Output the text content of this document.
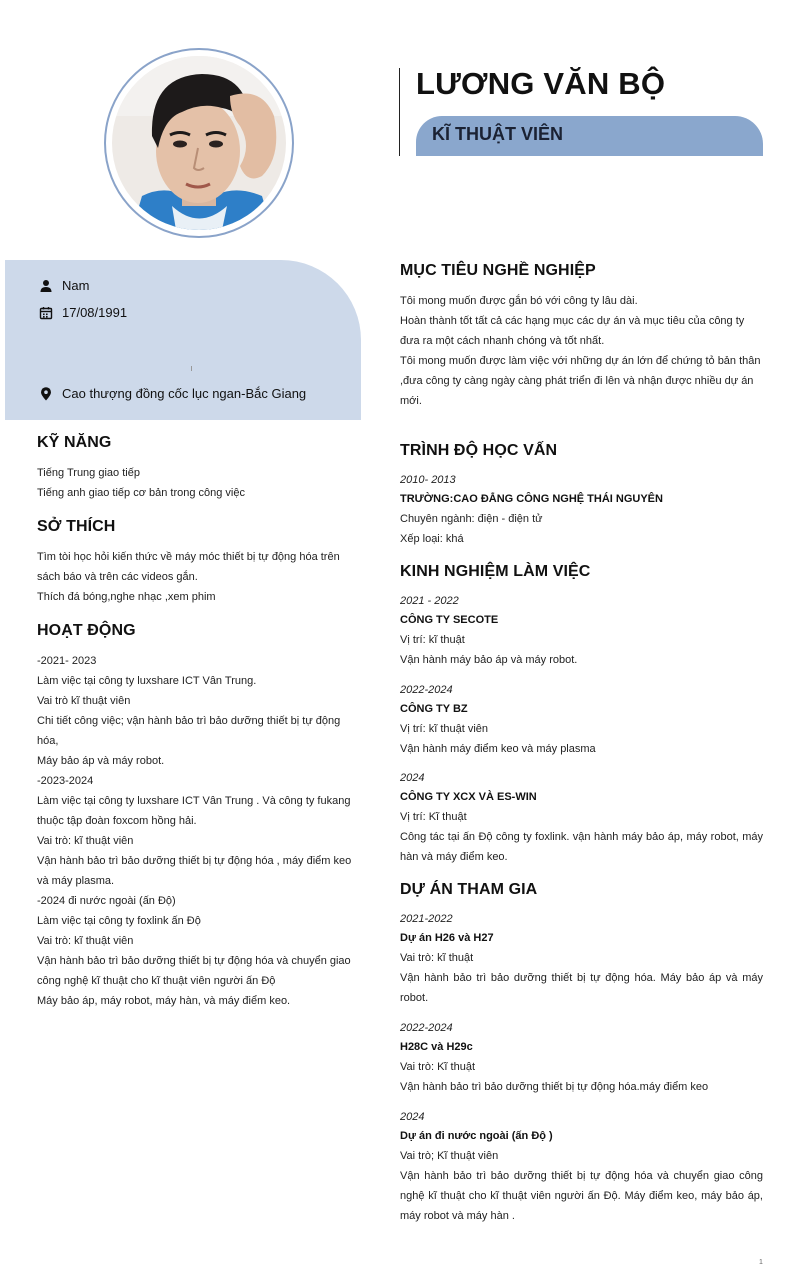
LƯƠNG VĂN BỘ
KĨ THUẬT VIÊN
Nam
17/08/1991
Cao thượng đồng cốc lục ngan-Bắc Giang
KỸ NĂNG

Tiếng Trung giao tiếp

Tiếng anh giao tiếp cơ bản trong công việc

SỞ THÍCH

Tìm tòi học hỏi kiến thức về máy móc thiết bị tự động hóa trên sách báo và trên các videos gắn.

Thích đá bóng,nghe nhạc ,xem phim

HOẠT ĐỘNG

-2021- 2023

Làm việc tại công ty luxshare ICT Vân Trung.

Vai trò kĩ thuật viên

Chi tiết công việc; vận hành bảo trì bảo dưỡng thiết bị tự động hóa,

Máy bảo áp và máy robot.

-2023-2024

Làm việc tại công ty luxshare ICT Vân Trung . Và công ty fukang thuộc tập đoàn foxcom hồng hải.

Vai trò: kĩ thuật viên

Vận hành bảo trì bảo dưỡng thiết bị tự động hóa , máy điểm keo và máy plasma.

-2024 đi nước ngoài (ấn Độ)

Làm việc tại công ty foxlink ấn Độ

Vai trò: kĩ thuật viên

Vận hành bảo trì bảo dưỡng thiết bị tự động hóa và chuyển giao công nghệ kĩ thuật cho kĩ thuật viên người ấn Độ

Máy bảo áp, máy robot, máy hàn, và máy điểm keo.

MỤC TIÊU NGHỀ NGHIỆP

Tôi mong muốn được gắn bó với công ty lâu dài.

Hoàn thành tốt tất cả các hạng mục các dự án và mục tiêu của công ty đưa ra một cách nhanh chóng và tốt nhất.

Tôi mong muốn được làm việc với những dự án lớn để chứng tỏ bản thân ,đưa công ty càng ngày càng phát triển đi lên và nhận được nhiều dự án mới.

TRÌNH ĐỘ HỌC VẤN
2010- 2013
TRƯỜNG:CAO ĐẲNG CÔNG NGHỆ THÁI NGUYÊN
Chuyên ngành: điện - điện tử
Xếp loại: khá
KINH NGHIỆM LÀM VIỆC
2021 - 2022
CÔNG TY SECOTE
Vị trí: kĩ thuật
Vận hành máy bảo áp và máy robot.
2022-2024
CÔNG TY BZ
Vị trí: kĩ thuật viên
Vận hành máy điểm keo và máy plasma
2024
CÔNG TY XCX VÀ ES-WIN
Vị trí: Kĩ thuật
Công tác tại ấn Độ công ty foxlink. vận hành máy bảo áp, máy robot, máy hàn và máy điểm keo.
DỰ ÁN THAM GIA
2021-2022
Dự án H26 và H27
Vai trò: kĩ thuật
Vận hành bảo trì bảo dưỡng thiết bị tự động hóa. Máy bảo áp và máy robot.
2022-2024
H28C và H29c
Vai trò: Kĩ thuật
Vận hành bảo trì bảo dưỡng thiết bị tự động hóa.máy điểm keo
2024
Dự án đi nước ngoài (ấn Độ )
Vai trò; Kĩ thuật viên
Vận hành bảo trì bảo dưỡng thiết bị tự động hóa và chuyển giao công nghệ kĩ thuật cho kĩ thuật viên người ấn Độ. Máy điểm keo, máy bảo áp, máy robot và máy hàn .
1
